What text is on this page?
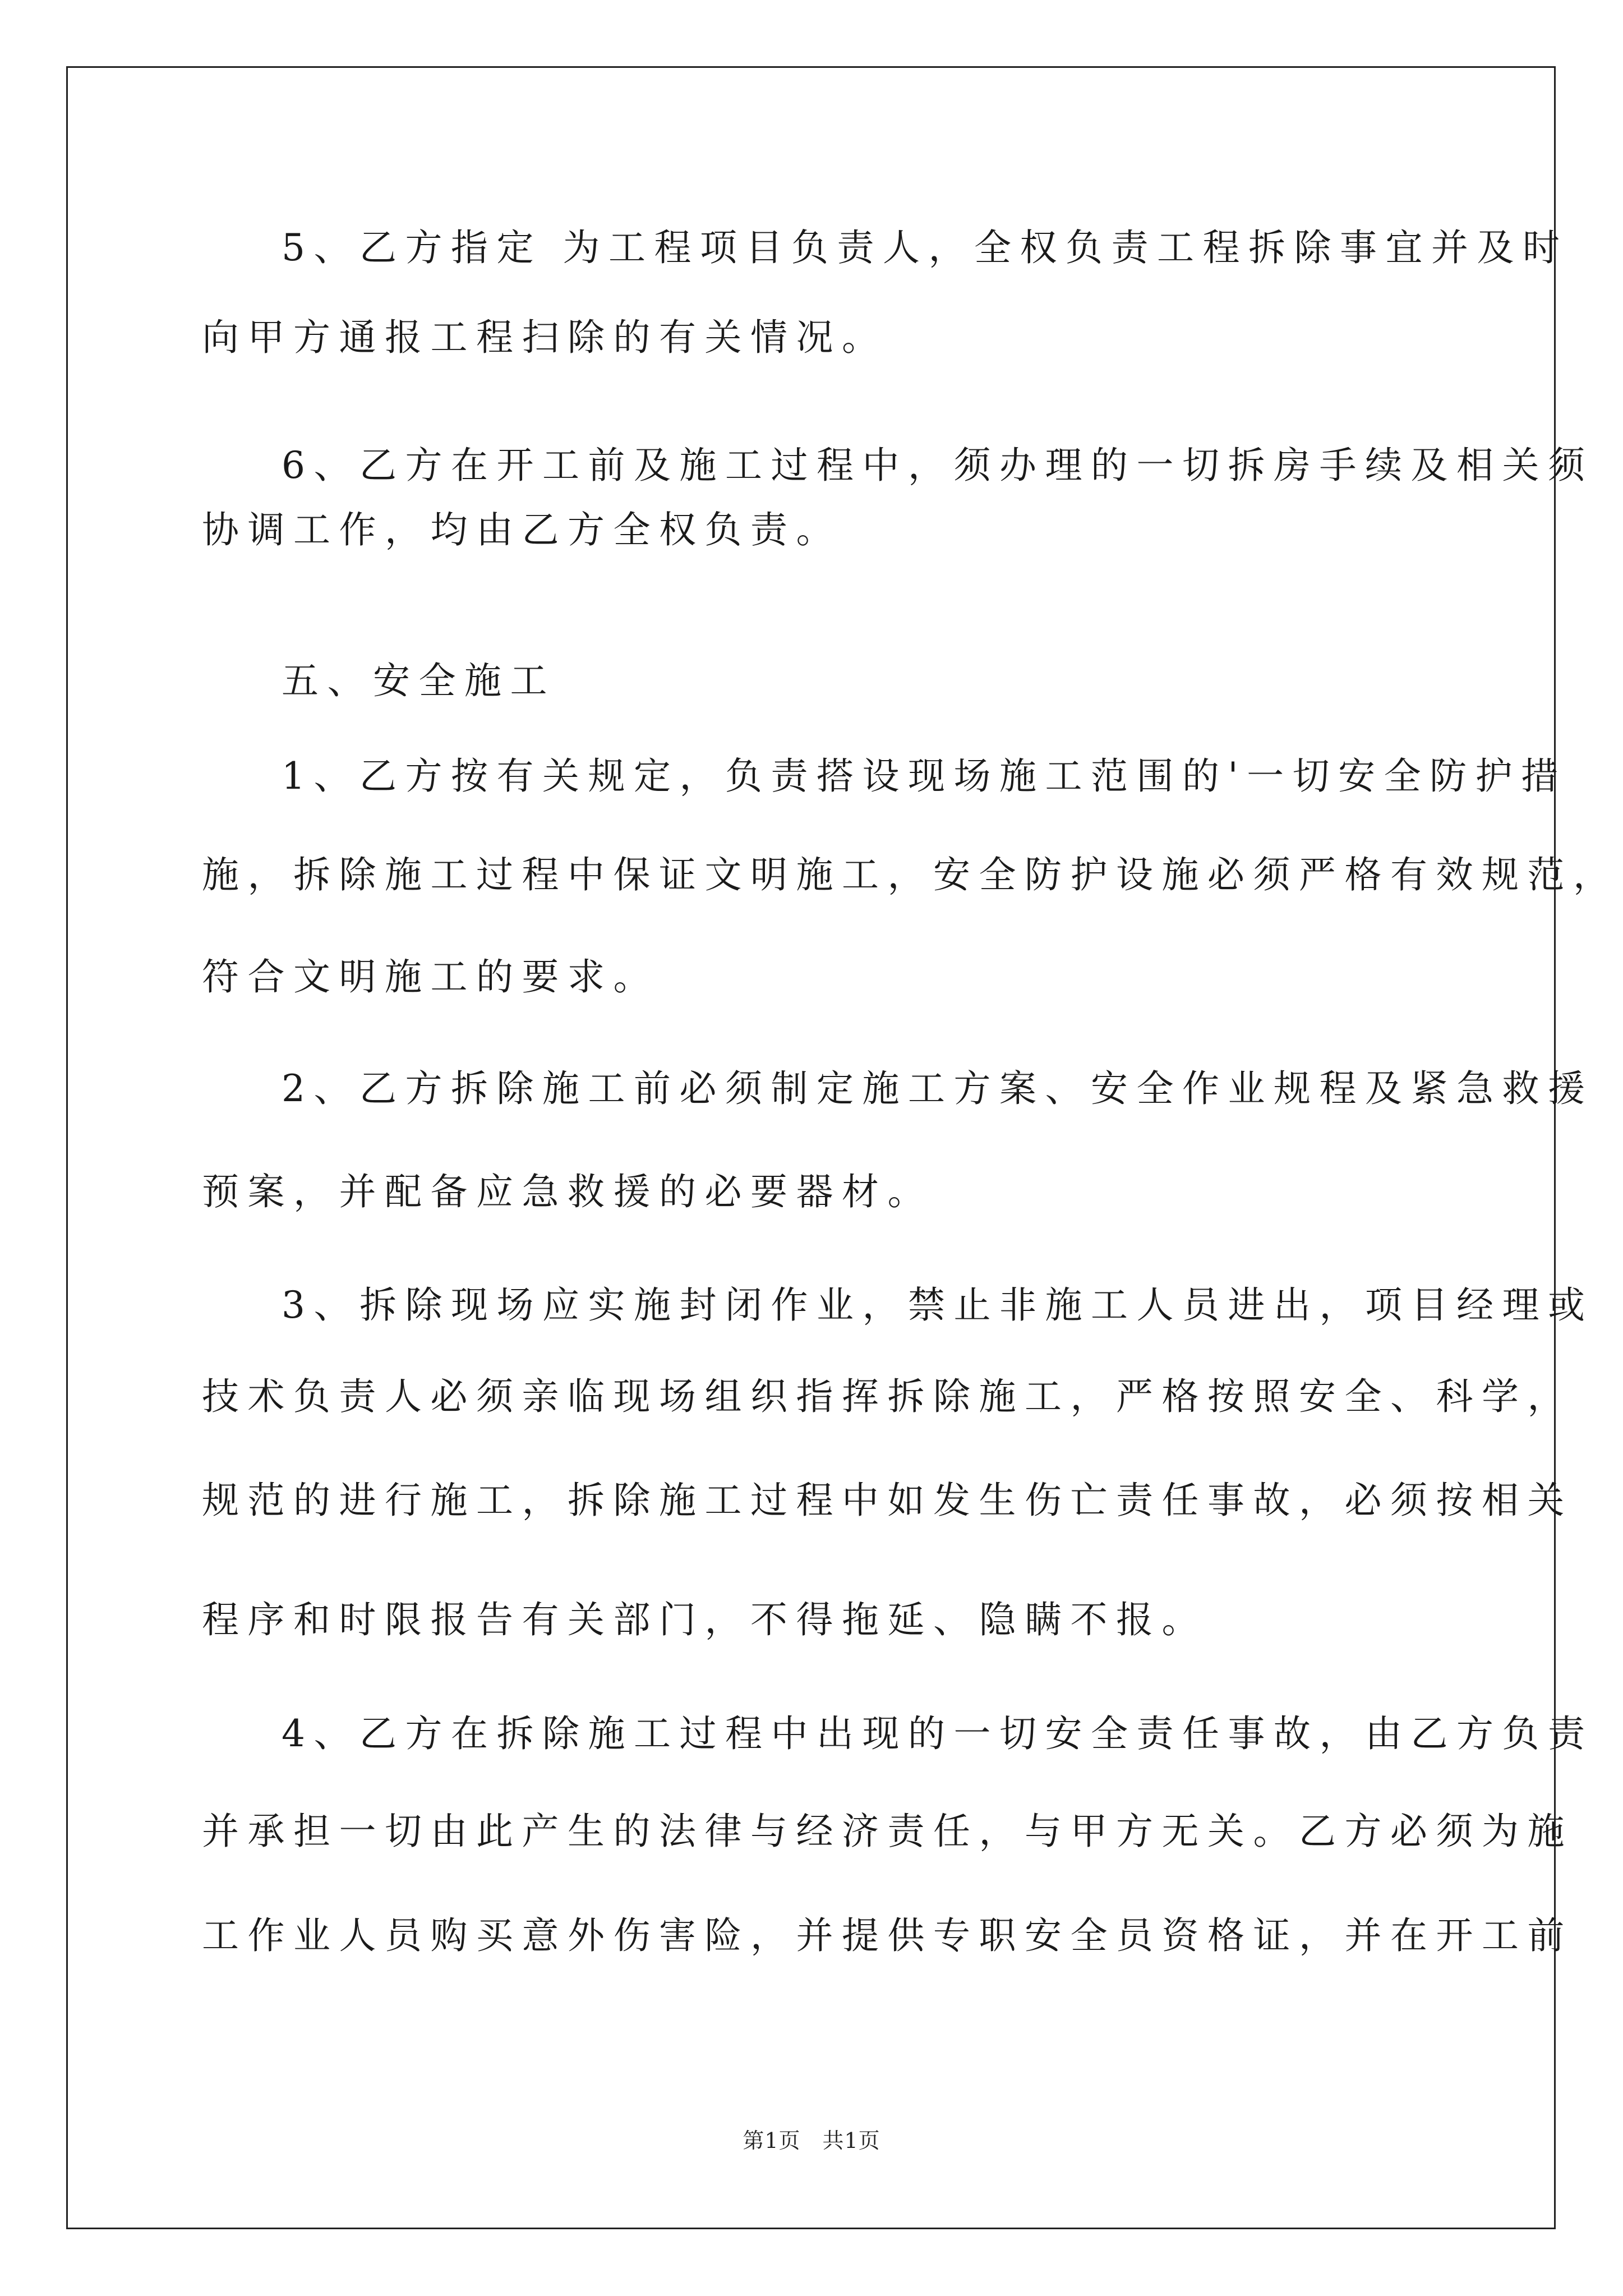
5、乙方指定 为工程项目负责人，全权负责工程拆除事宜并及时
向甲方通报工程扫除的有关情况。
6、乙方在开工前及施工过程中，须办理的一切拆房手续及相关须
协调工作，均由乙方全权负责。
五、安全施工
1、乙方按有关规定，负责搭设现场施工范围的'一切安全防护措
施，拆除施工过程中保证文明施工，安全防护设施必须严格有效规范，
符合文明施工的要求。
2、乙方拆除施工前必须制定施工方案、安全作业规程及紧急救援
预案，并配备应急救援的必要器材。
3、拆除现场应实施封闭作业，禁止非施工人员进出，项目经理或
技术负责人必须亲临现场组织指挥拆除施工，严格按照安全、科学，
规范的进行施工，拆除施工过程中如发生伤亡责任事故，必须按相关
程序和时限报告有关部门，不得拖延、隐瞒不报。
4、乙方在拆除施工过程中出现的一切安全责任事故，由乙方负责
并承担一切由此产生的法律与经济责任，与甲方无关。乙方必须为施
工作业人员购买意外伤害险，并提供专职安全员资格证，并在开工前
第1页　共1页
